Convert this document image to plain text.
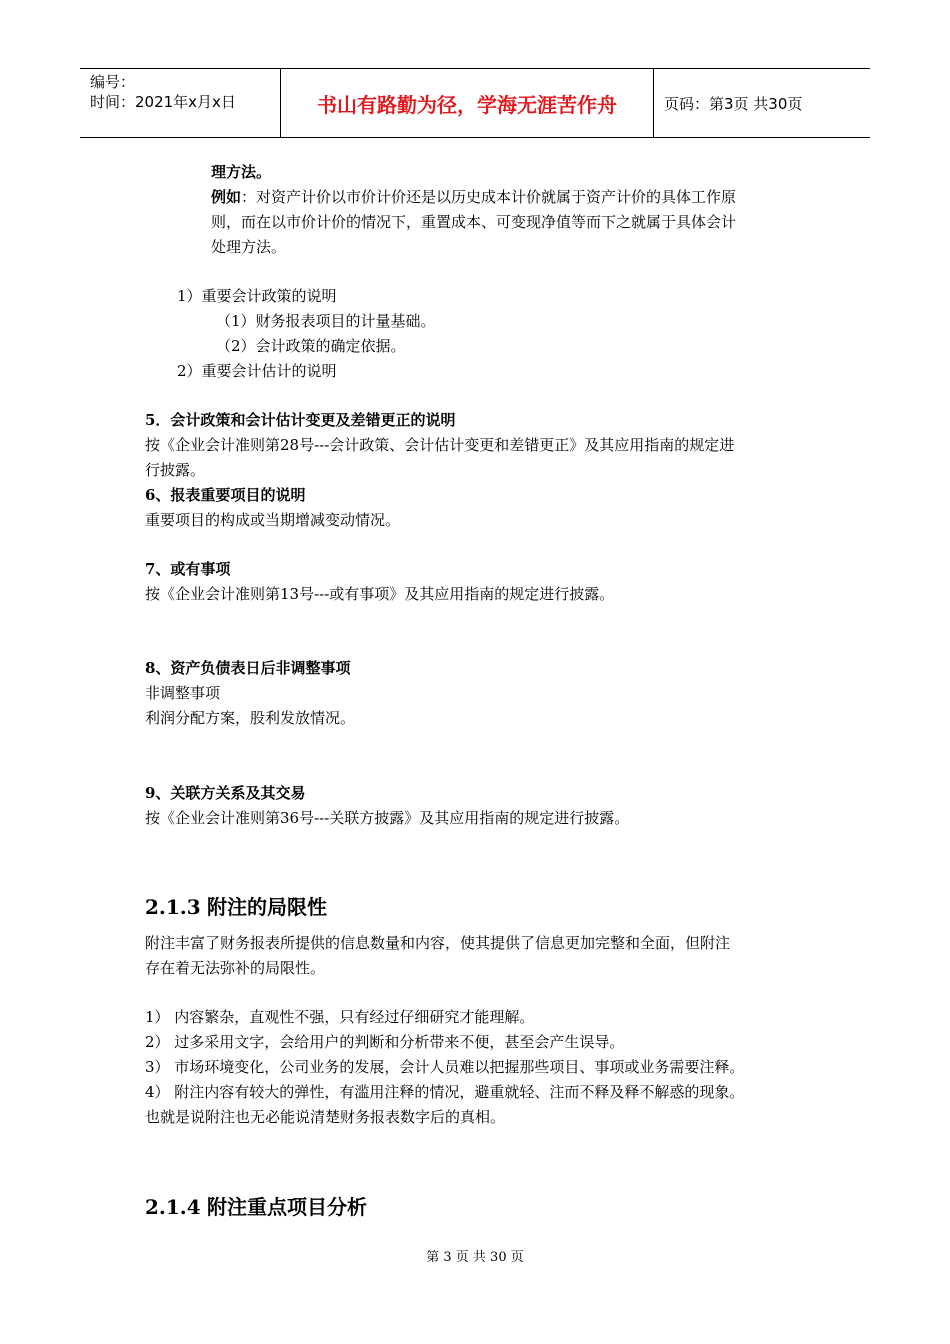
编号：
时间：2021年x月x日	书山有路勤为径，学海无涯苦作舟	页码：第3页 共30页
理方法。
例如：对资产计价以市价计价还是以历史成本计价就属于资产计价的具体工作原
则，而在以市价计价的情况下，重置成本、可变现净值等而下之就属于具体会计
处理方法。
1）重要会计政策的说明
（1）财务报表项目的计量基础。
（2）会计政策的确定依据。
2）重要会计估计的说明
5．会计政策和会计估计变更及差错更正的说明
按《企业会计准则第28号---会计政策、会计估计变更和差错更正》及其应用指南的规定进
行披露。
6、报表重要项目的说明
重要项目的构成或当期增减变动情况。
7、或有事项
按《企业会计准则第13号---或有事项》及其应用指南的规定进行披露。
8、资产负债表日后非调整事项
非调整事项
利润分配方案，股利发放情况。
9、关联方关系及其交易
按《企业会计准则第36号---关联方披露》及其应用指南的规定进行披露。
2.1.3 附注的局限性
附注丰富了财务报表所提供的信息数量和内容，使其提供了信息更加完整和全面，但附注
存在着无法弥补的局限性。
1） 内容繁杂，直观性不强，只有经过仔细研究才能理解。
2） 过多采用文字，会给用户的判断和分析带来不便，甚至会产生误导。
3） 市场环境变化，公司业务的发展，会计人员难以把握那些项目、事项或业务需要注释。
4） 附注内容有较大的弹性，有滥用注释的情况，避重就轻、注而不释及释不解惑的现象。
也就是说附注也无必能说清楚财务报表数字后的真相。
2.1.4 附注重点项目分析
第 3 页 共 30 页
